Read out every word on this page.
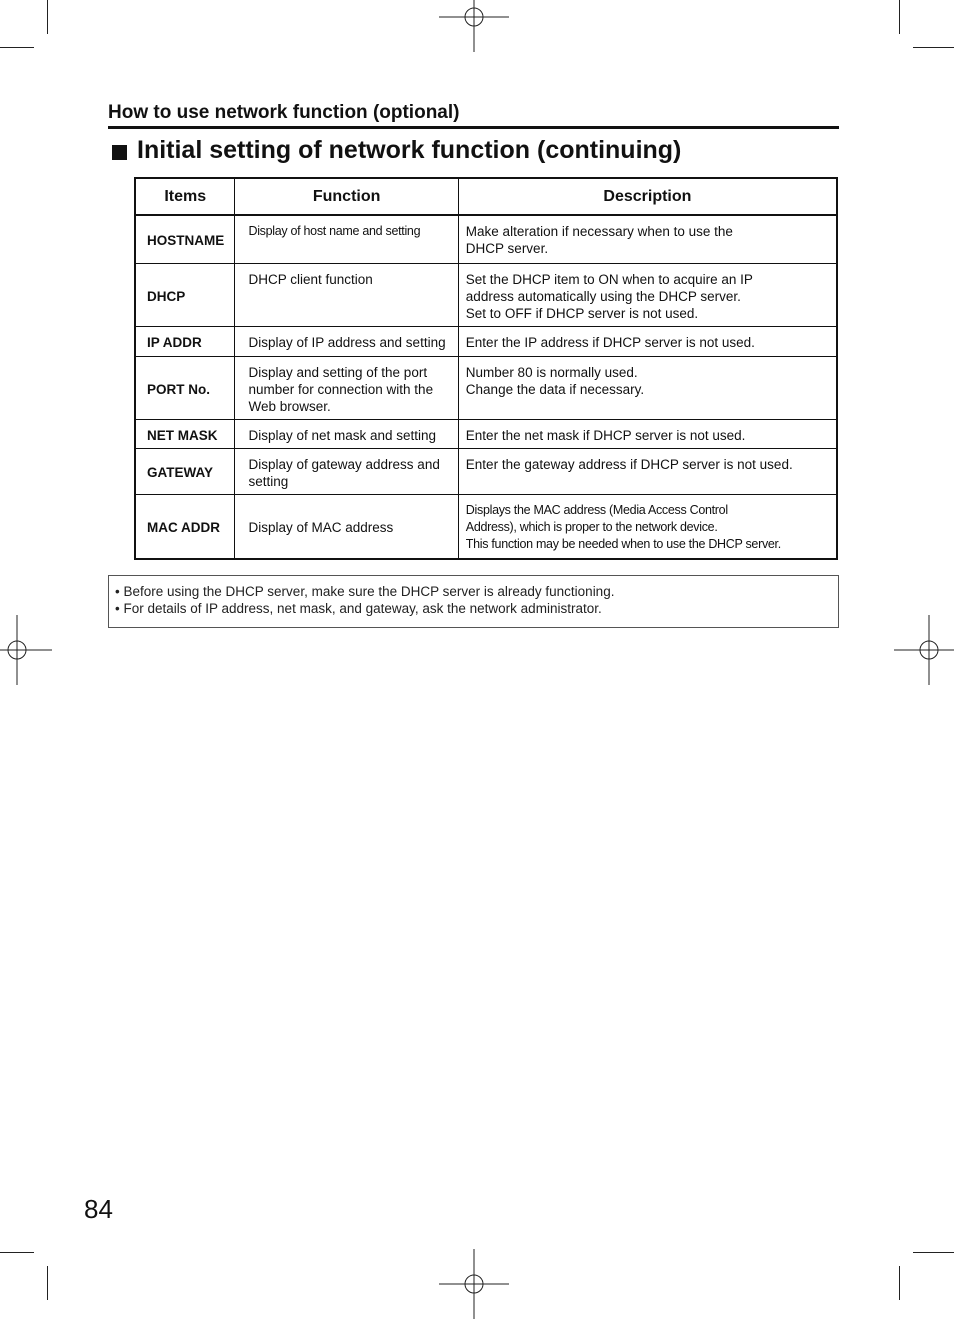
How to use network function (optional)
Initial setting of network function (continuing)
Items	Function	Description
HOSTNAME	Display of host name and setting	Make alteration if necessary when to use the
DHCP server.

DHCP	DHCP client function	Set the DHCP item to ON when to acquire an IP
address automatically using the DHCP server.
Set to OFF if DHCP server is not used.

IP ADDR	Display of IP address and setting	Enter the IP address if DHCP server is not used.

PORT No.	Display and setting of the port number for connection with the Web browser.	Number 80 is normally used.
Change the data if necessary.

NET MASK	Display of net mask and setting	Enter the net mask if DHCP server is not used.

GATEWAY	Display of gateway address and setting	Enter the gateway address if DHCP server is not used.

MAC ADDR	Display of MAC address	Displays the MAC address (Media Access Control
Address), which is proper to the network device.
This function may be needed when to use the DHCP server.
• Before using the DHCP server, make sure the DHCP server is already functioning.
• For details of IP address, net mask, and gateway, ask the network administrator.
84
